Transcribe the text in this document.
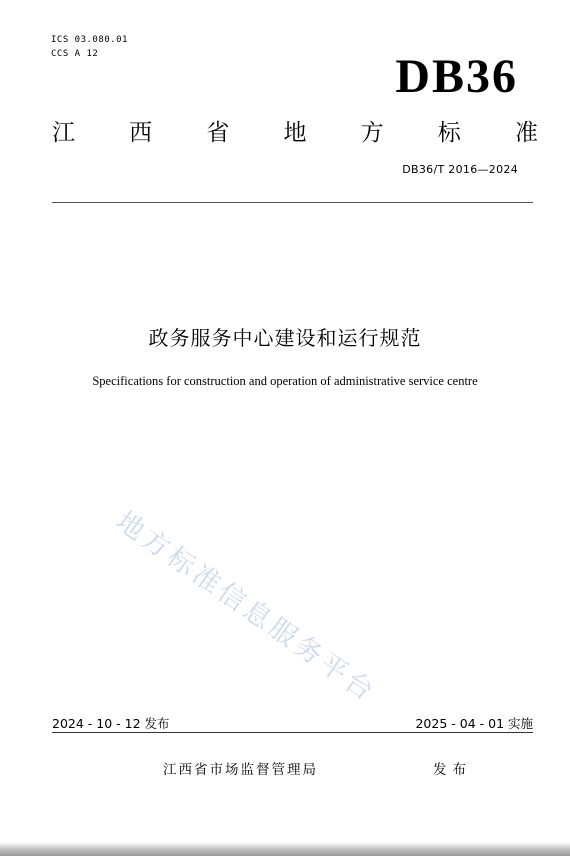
ICS 03.080.01
CCS A 12	DB36
江 西 省 地 方 标 准
DB36/T 2016—2024
政务服务中心建设和运行规范
Specifications for construction and operation of administrative service centre
地方标准信息服务平台
2024 - 10 - 12 发布	2025 - 04 - 01 实施
江西省市场监督管理局	发布
